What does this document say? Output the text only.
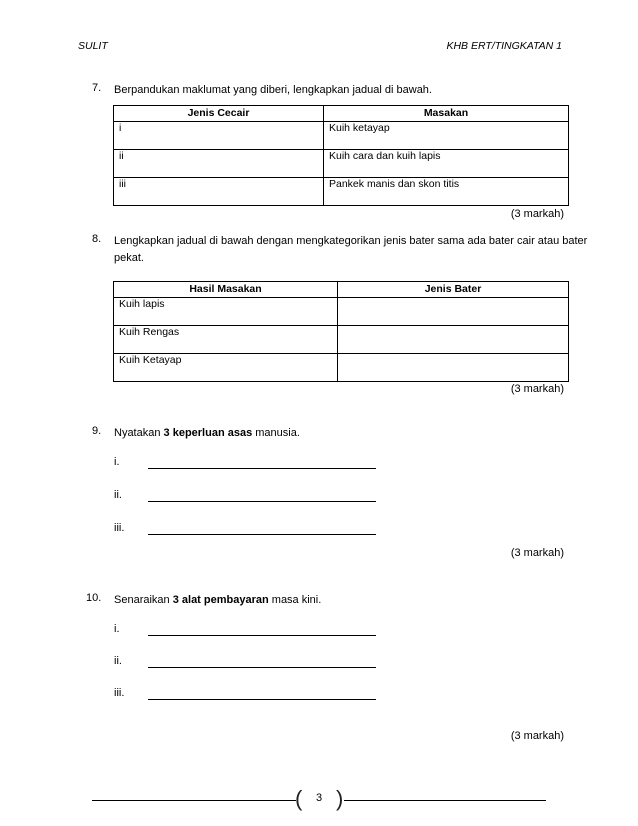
SULIT	KHB ERT/TINGKATAN 1
7. Berpandukan maklumat yang diberi, lengkapkan jadual di bawah.
Jenis Cecair	Masakan
i	Kuih ketayap
ii	Kuih cara dan kuih lapis
iii	Pankek manis dan skon titis
(3 markah)
8. Lengkapkan jadual di bawah dengan mengkategorikan jenis bater sama ada bater cair atau bater
pekat.
Hasil Masakan	Jenis Bater
Kuih lapis	
Kuih Rengas	
Kuih Ketayap	
(3 markah)
9. Nyatakan 3 keperluan asas manusia.
i.
ii.
iii.
(3 markah)
10. Senaraikan 3 alat pembayaran masa kini.
i.
ii.
iii.
(3 markah)
( )
3
